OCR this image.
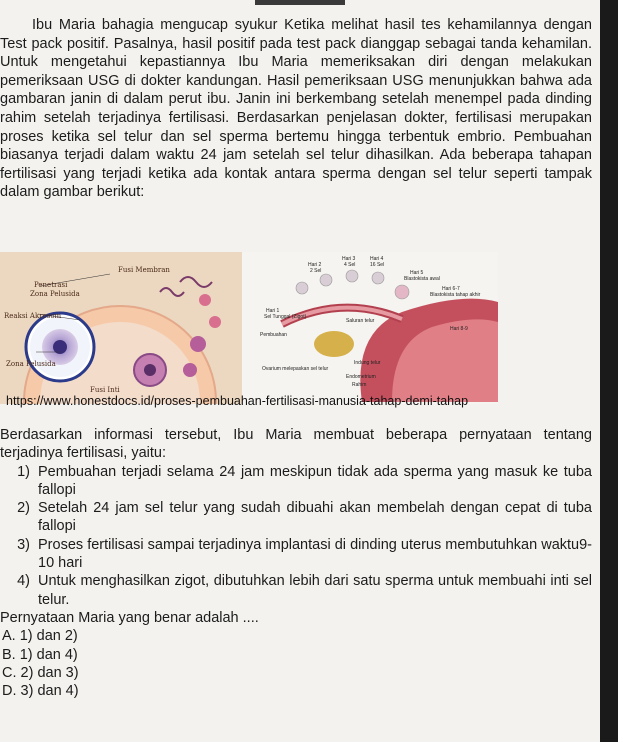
Ibu Maria bahagia mengucap syukur Ketika melihat hasil tes kehamilannya dengan Test pack positif. Pasalnya, hasil positif pada test pack dianggap sebagai tanda kehamilan. Untuk mengetahui kepastiannya Ibu Maria memeriksakan diri dengan melakukan pemeriksaan USG di dokter kandungan. Hasil pemeriksaan USG menunjukkan bahwa ada gambaran janin di dalam perut ibu. Janin ini berkembang setelah menempel pada dinding rahim setelah terjadinya fertilisasi. Berdasarkan penjelasan dokter, fertilisasi merupakan proses ketika sel telur dan sel sperma bertemu hingga terbentuk embrio. Pembuahan biasanya terjadi dalam waktu 24 jam setelah sel telur dihasilkan. Ada beberapa tahapan fertilisasi yang terjadi ketika ada kontak antara sperma dengan sel telur seperti tampak dalam gambar berikut:

Fusi Membran
Penetrasi
Zona Pelusida
Reaksi Akrosom
Zona Pelusida
Fusi Inti
Hari 1
Sel Tunggal (Zigot)
Hari 2
2 Sel
Hari 3
4 Sel
Hari 4
16 Sel
Hari 5
Blastokista awal
Hari 6-7
Blastokista tahap akhir
Hari 8-9
Saluran telur
Pembuahan
Ovarium melepaskan sel telur
Indung telur
Endometrium
Rahim
https://www.honestdocs.id/proses-pembuahan-fertilisasi-manusia-tahap-demi-tahap

Berdasarkan informasi tersebut, Ibu Maria membuat beberapa pernyataan tentang terjadinya fertilisasi, yaitu:

1) Pembuahan terjadi selama 24 jam meskipun tidak ada sperma yang masuk ke tuba fallopi
2) Setelah 24 jam sel telur yang sudah dibuahi akan membelah dengan cepat di tuba fallopi
3) Proses fertilisasi sampai terjadinya implantasi di dinding uterus membutuhkan waktu9-10 hari
4) Untuk menghasilkan zigot, dibutuhkan lebih dari satu sperma untuk membuahi inti sel telur.

Pernyataan Maria yang benar adalah ....

A. 1) dan 2)
B. 1) dan 4)
C. 2) dan 3)
D. 3) dan 4)
